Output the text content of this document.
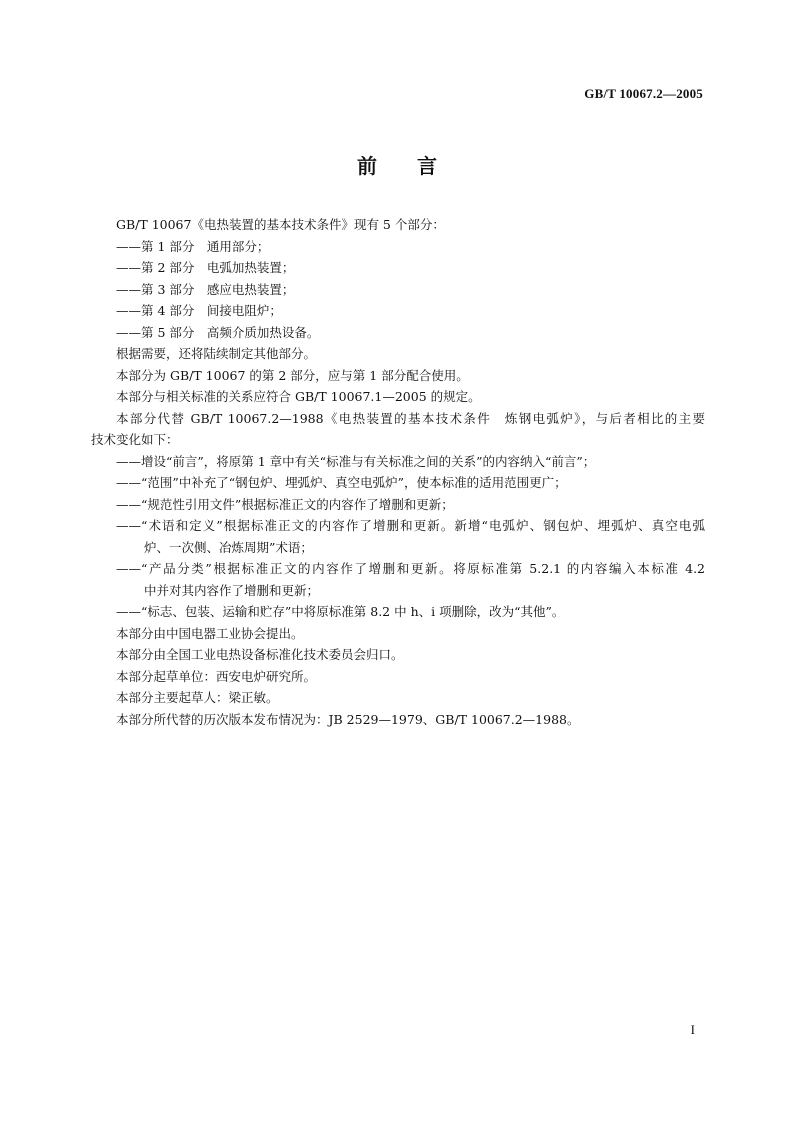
GB/T 10067.2—2005
前 言

GB/T 10067《电热装置的基本技术条件》现有 5 个部分：

——第 1 部分　通用部分；

——第 2 部分　电弧加热装置；

——第 3 部分　感应电热装置；

——第 4 部分　间接电阻炉；

——第 5 部分　高频介质加热设备。

根据需要，还将陆续制定其他部分。

本部分为 GB/T 10067 的第 2 部分，应与第 1 部分配合使用。

本部分与相关标准的关系应符合 GB/T 10067.1—2005 的规定。

本部分代替 GB/T 10067.2—1988《电热装置的基本技术条件　炼钢电弧炉》，与后者相比的主要

技术变化如下：

——增设“前言”，将原第 1 章中有关“标准与有关标准之间的关系”的内容纳入“前言”；

——“范围”中补充了“钢包炉、埋弧炉、真空电弧炉”，使本标准的适用范围更广；

——“规范性引用文件”根据标准正文的内容作了增删和更新；

——“术语和定义”根据标准正文的内容作了增删和更新。新增“电弧炉、钢包炉、埋弧炉、真空电弧

炉、一次侧、冶炼周期”术语；

——“产品分类”根据标准正文的内容作了增删和更新。将原标准第 5.2.1 的内容编入本标准 4.2

中并对其内容作了增删和更新；

——“标志、包装、运输和贮存”中将原标准第 8.2 中 h、i 项删除，改为“其他”。

本部分由中国电器工业协会提出。

本部分由全国工业电热设备标准化技术委员会归口。

本部分起草单位：西安电炉研究所。

本部分主要起草人：梁正敏。

本部分所代替的历次版本发布情况为：JB 2529—1979、GB/T 10067.2—1988。

I
